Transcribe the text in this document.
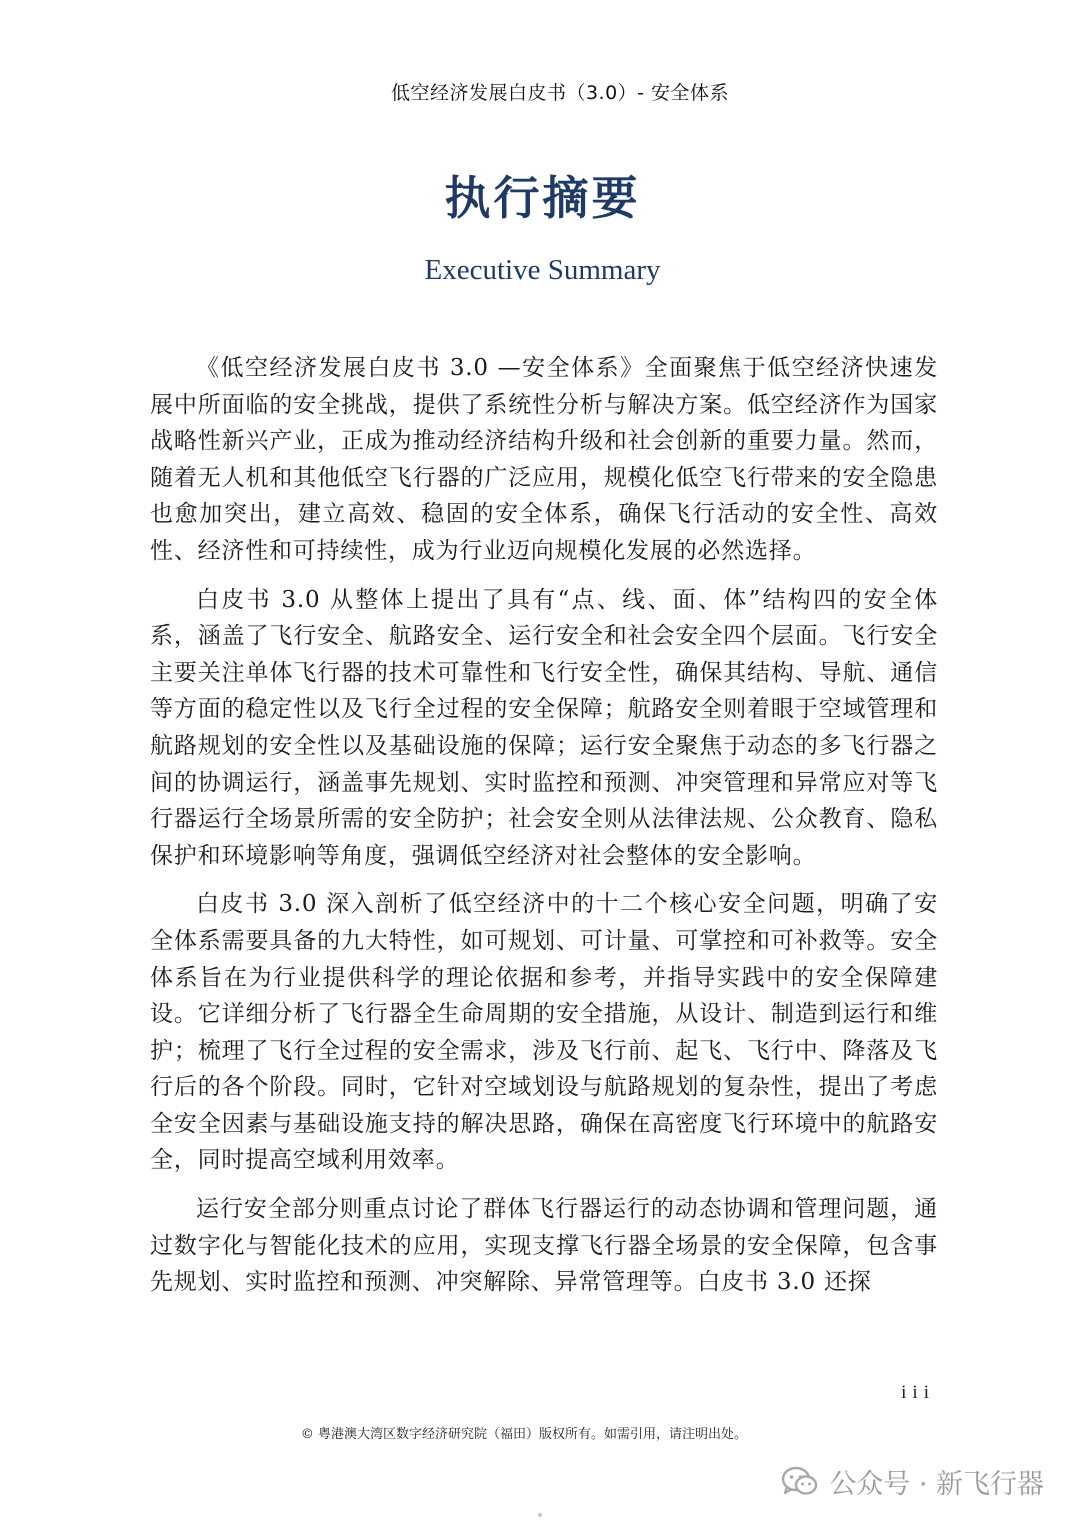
低空经济发展白皮书（3.0）- 安全体系
执行摘要
Executive Summary

《低空经济发展白皮书 3.0 —安全体系》全面聚焦于低空经济快速发展中所面临的安全挑战，提供了系统性分析与解决方案。低空经济作为国家战略性新兴产业，正成为推动经济结构升级和社会创新的重要力量。然而，随着无人机和其他低空飞行器的广泛应用，规模化低空飞行带来的安全隐患也愈加突出，建立高效、稳固的安全体系，确保飞行活动的安全性、高效性、经济性和可持续性，成为行业迈向规模化发展的必然选择。

白皮书 3.0 从整体上提出了具有“点、线、面、体”结构四的安全体系，涵盖了飞行安全、航路安全、运行安全和社会安全四个层面。飞行安全主要关注单体飞行器的技术可靠性和飞行安全性，确保其结构、导航、通信等方面的稳定性以及飞行全过程的安全保障；航路安全则着眼于空域管理和航路规划的安全性以及基础设施的保障；运行安全聚焦于动态的多飞行器之间的协调运行，涵盖事先规划、实时监控和预测、冲突管理和异常应对等飞行器运行全场景所需的安全防护；社会安全则从法律法规、公众教育、隐私保护和环境影响等角度，强调低空经济对社会整体的安全影响。

白皮书 3.0 深入剖析了低空经济中的十二个核心安全问题，明确了安全体系需要具备的九大特性，如可规划、可计量、可掌控和可补救等。安全体系旨在为行业提供科学的理论依据和参考，并指导实践中的安全保障建设。它详细分析了飞行器全生命周期的安全措施，从设计、制造到运行和维护；梳理了飞行全过程的安全需求，涉及飞行前、起飞、飞行中、降落及飞行后的各个阶段。同时，它针对空域划设与航路规划的复杂性，提出了考虑全安全因素与基础设施支持的解决思路，确保在高密度飞行环境中的航路安全，同时提高空域利用效率。

运行安全部分则重点讨论了群体飞行器运行的动态协调和管理问题，通过数字化与智能化技术的应用，实现支撑飞行器全场景的安全保障，包含事先规划、实时监控和预测、冲突解除、异常管理等。白皮书 3.0 还探

iii
© 粤港澳大湾区数字经济研究院（福田）版权所有。如需引用，请注明出处。
公众号 · 新飞行器
